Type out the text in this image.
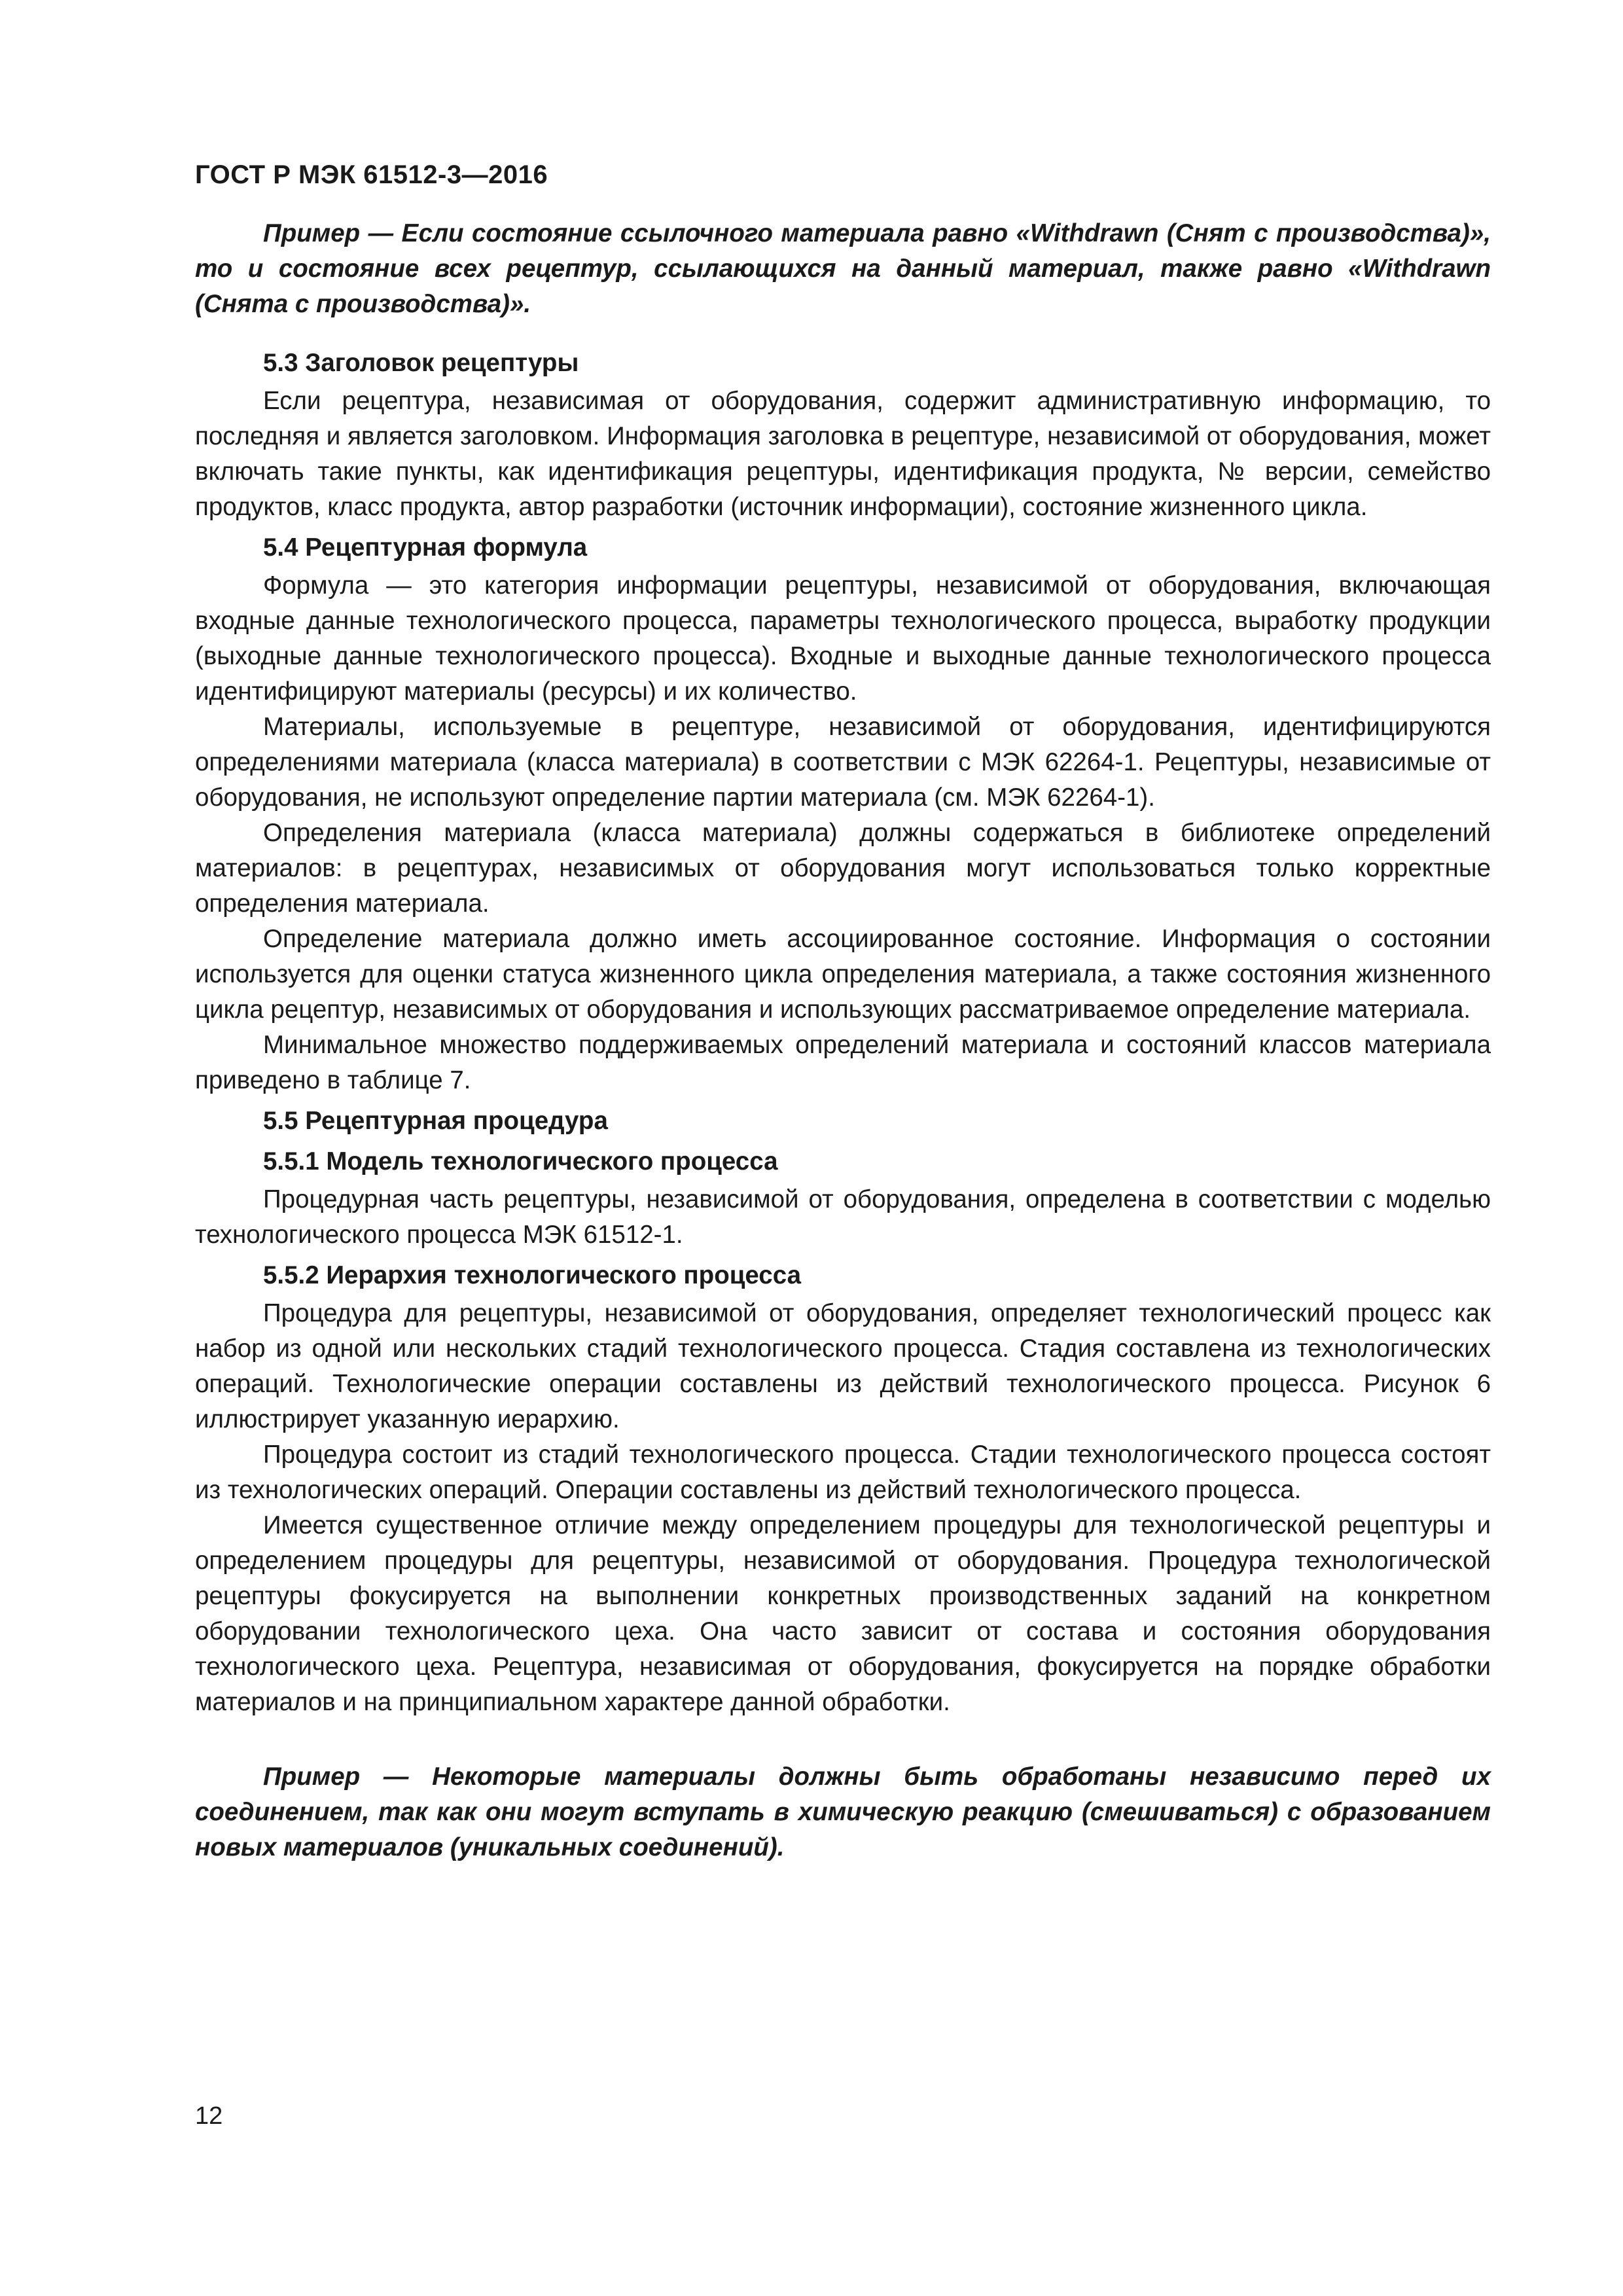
ГОСТ Р МЭК 61512-3—2016

Пример — Если состояние ссылочного материала равно «Withdrawn (Снят с производства)», то и состояние всех рецептур, ссылающихся на данный материал, также равно «Withdrawn (Снята с производства)».

5.3 Заголовок рецептуры

Если рецептура, независимая от оборудования, содержит административную информацию, то последняя и является заголовком. Информация заголовка в рецептуре, независимой от оборудования, может включать такие пункты, как идентификация рецептуры, идентификация продукта, № версии, семейство продуктов, класс продукта, автор разработки (источник информации), состояние жизненного цикла.

5.4 Рецептурная формула

Формула — это категория информации рецептуры, независимой от оборудования, включающая входные данные технологического процесса, параметры технологического процесса, выработку продукции (выходные данные технологического процесса). Входные и выходные данные технологического процесса идентифицируют материалы (ресурсы) и их количество.

Материалы, используемые в рецептуре, независимой от оборудования, идентифицируются определениями материала (класса материала) в соответствии с МЭК 62264-1. Рецептуры, независимые от оборудования, не используют определение партии материала (см. МЭК 62264-1).

Определения материала (класса материала) должны содержаться в библиотеке определений материалов: в рецептурах, независимых от оборудования могут использоваться только корректные определения материала.

Определение материала должно иметь ассоциированное состояние. Информация о состоянии используется для оценки статуса жизненного цикла определения материала, а также состояния жизненного цикла рецептур, независимых от оборудования и использующих рассматриваемое определение материала.

Минимальное множество поддерживаемых определений материала и состояний классов материала приведено в таблице 7.

5.5 Рецептурная процедура
5.5.1 Модель технологического процесса

Процедурная часть рецептуры, независимой от оборудования, определена в соответствии с моделью технологического процесса МЭК 61512-1.

5.5.2 Иерархия технологического процесса

Процедура для рецептуры, независимой от оборудования, определяет технологический процесс как набор из одной или нескольких стадий технологического процесса. Стадия составлена из технологических операций. Технологические операции составлены из действий технологического процесса. Рисунок 6 иллюстрирует указанную иерархию.

Процедура состоит из стадий технологического процесса. Стадии технологического процесса состоят из технологических операций. Операции составлены из действий технологического процесса.

Имеется существенное отличие между определением процедуры для технологической рецептуры и определением процедуры для рецептуры, независимой от оборудования. Процедура технологической рецептуры фокусируется на выполнении конкретных производственных заданий на конкретном оборудовании технологического цеха. Она часто зависит от состава и состояния оборудования технологического цеха. Рецептура, независимая от оборудования, фокусируется на порядке обработки материалов и на принципиальном характере данной обработки.

Пример — Некоторые материалы должны быть обработаны независимо перед их соединением, так как они могут вступать в химическую реакцию (смешиваться) с образованием новых материалов (уникальных соединений).

12
